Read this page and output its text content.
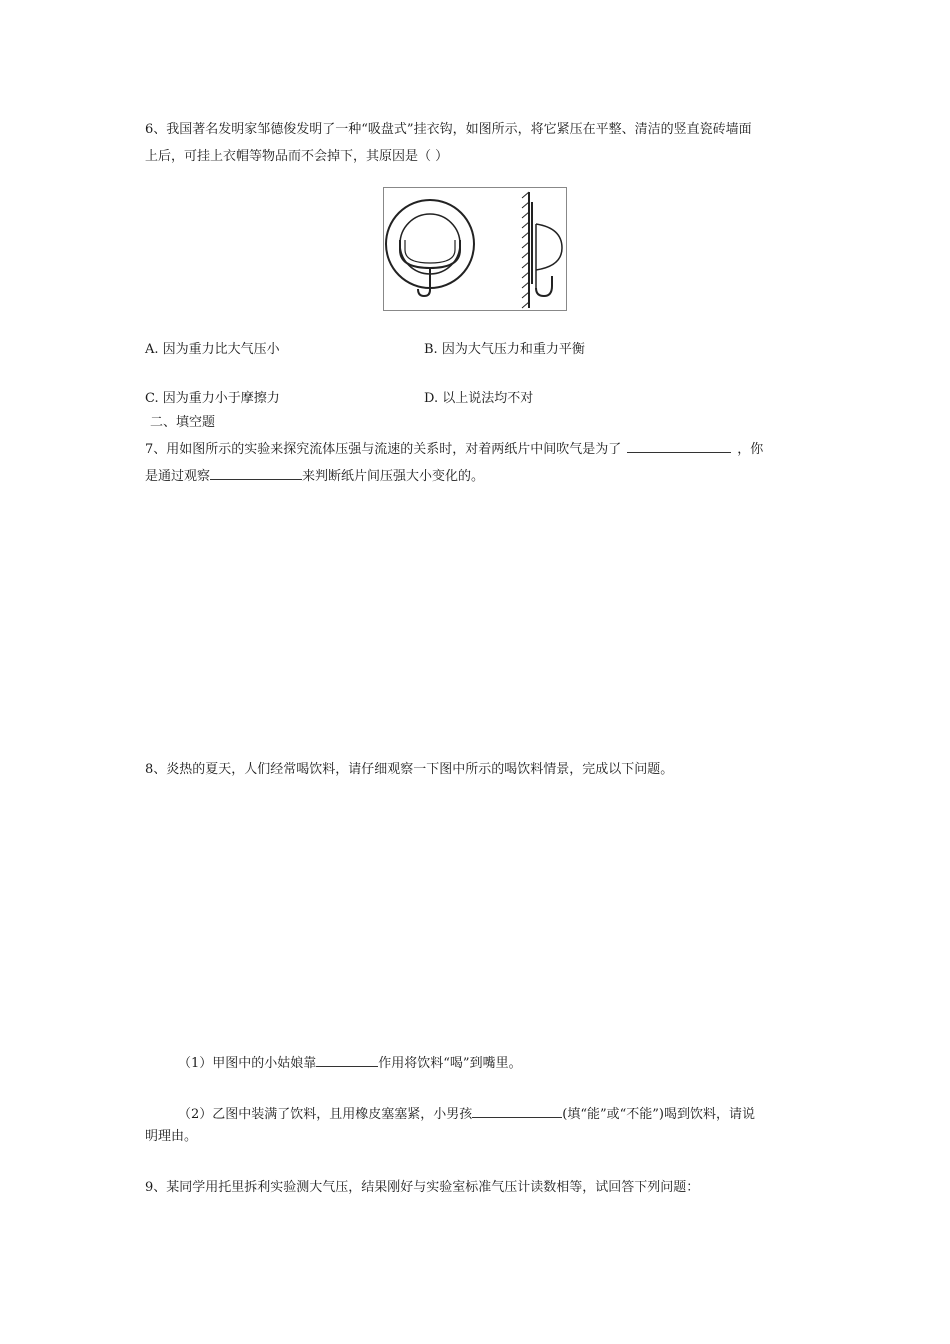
6、我国著名发明家邹德俊发明了一种“吸盘式”挂衣钩，如图所示，将它紧压在平整、清洁的竖直瓷砖墙面
上后，可挂上衣帽等物品而不会掉下，其原因是（ ）
A. 因为重力比大气压小	B. 因为大气压力和重力平衡
C. 因为重力小于摩擦力	D. 以上说法均不对
二、填空题
7、用如图所示的实验来探究流体压强与流速的关系时，对着两纸片中间吹气是为了	，你
是通过观察	来判断纸片间压强大小变化的。
8、炎热的夏天，人们经常喝饮料，请仔细观察一下图中所示的喝饮料情景，完成以下问题。
（1）甲图中的小姑娘靠	作用将饮料“喝”到嘴里。
（2）乙图中装满了饮料，且用橡皮塞塞紧，小男孩	(填“能”或“不能”)喝到饮料，请说
明理由。
9、某同学用托里拆利实验测大气压，结果刚好与实验室标准气压计读数相等，试回答下列问题：
